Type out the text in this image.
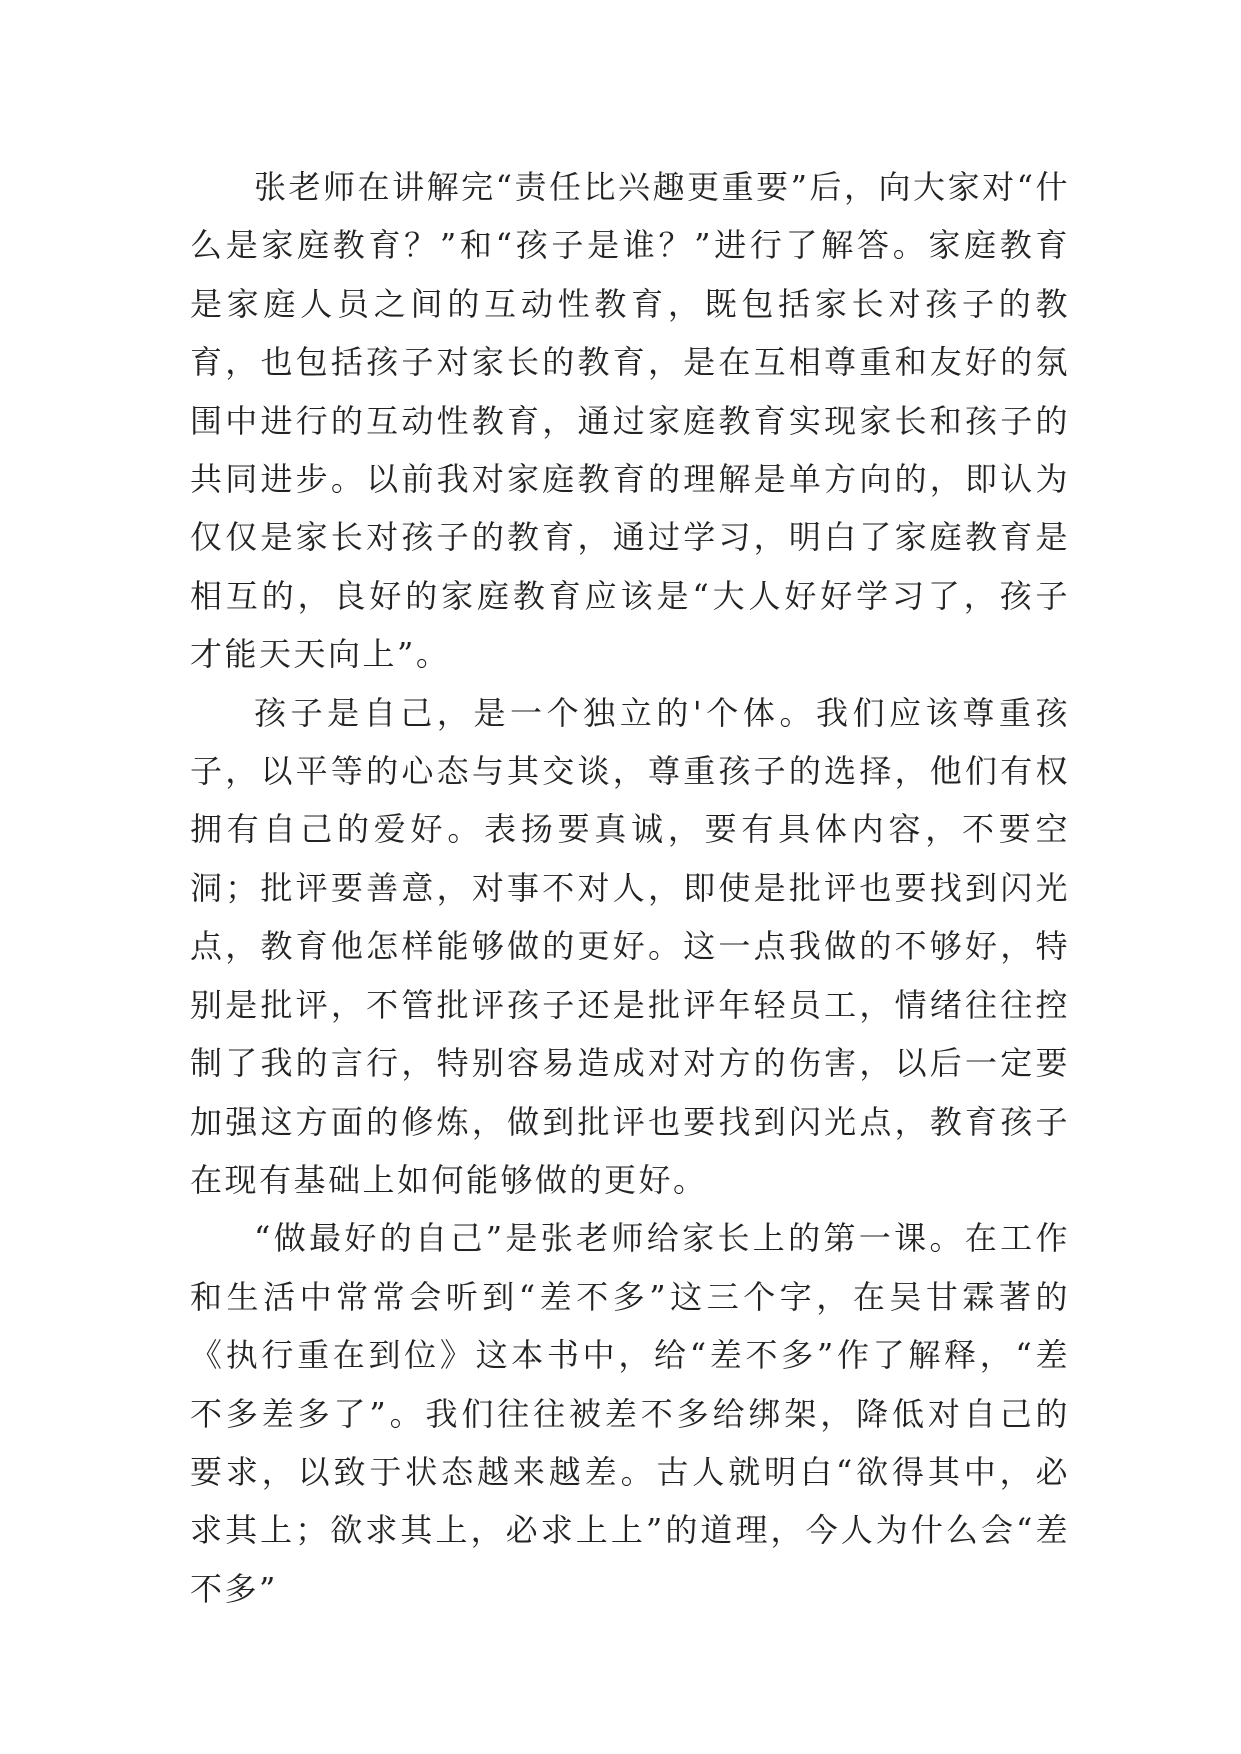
张老师在讲解完“责任比兴趣更重要”后，向大家对“什么是家庭教育？”和“孩子是谁？”进行了解答。家庭教育是家庭人员之间的互动性教育，既包括家长对孩子的教育，也包括孩子对家长的教育，是在互相尊重和友好的氛围中进行的互动性教育，通过家庭教育实现家长和孩子的共同进步。以前我对家庭教育的理解是单方向的，即认为仅仅是家长对孩子的教育，通过学习，明白了家庭教育是相互的，良好的家庭教育应该是“大人好好学习了，孩子才能天天向上”。

孩子是自己，是一个独立的'个体。我们应该尊重孩子，以平等的心态与其交谈，尊重孩子的选择，他们有权拥有自己的爱好。表扬要真诚，要有具体内容，不要空洞；批评要善意，对事不对人，即使是批评也要找到闪光点，教育他怎样能够做的更好。这一点我做的不够好，特别是批评，不管批评孩子还是批评年轻员工，情绪往往控制了我的言行，特别容易造成对对方的伤害，以后一定要加强这方面的修炼，做到批评也要找到闪光点，教育孩子在现有基础上如何能够做的更好。

“做最好的自己”是张老师给家长上的第一课。在工作和生活中常常会听到“差不多”这三个字，在吴甘霖著的《执行重在到位》这本书中，给“差不多”作了解释，“差不多差多了”。我们往往被差不多给绑架，降低对自己的要求，以致于状态越来越差。古人就明白“欲得其中，必求其上；欲求其上，必求上上”的道理，今人为什么会“差不多”
